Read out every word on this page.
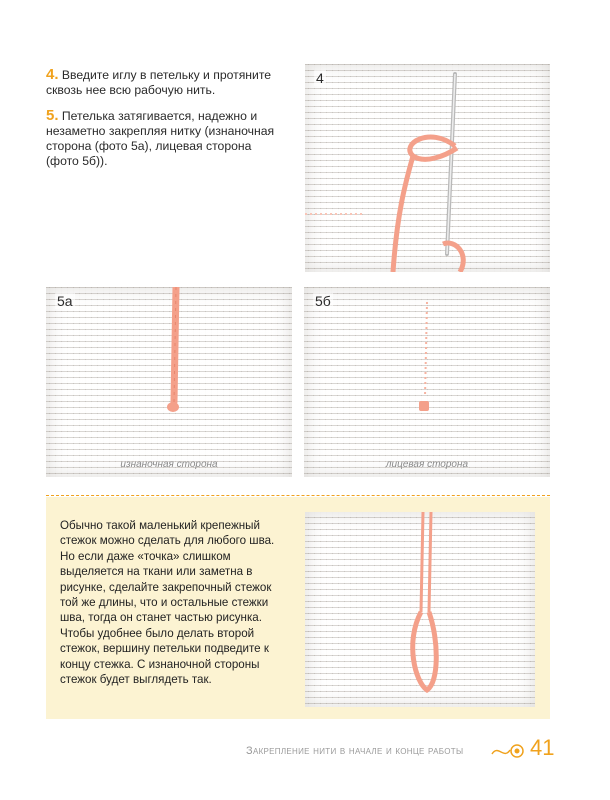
4. Введите иглу в петельку и протяните сквозь нее всю рабочую нить.

5. Петелька затягивается, надежно и незаметно закрепляя нитку (изнаночная сторона (фото 5а), лицевая сторона (фото 5б)).

4
5а
изнаночная сторона
5б
лицевая сторона

Обычно такой маленький крепежный стежок можно сделать для любого шва. Но если даже «точка» слишком выделяется на ткани или заметна в рисунке, сделайте закрепочный стежок той же длины, что и остальные стежки шва, тогда он станет частью рисунка.

Чтобы удобнее было делать второй стежок, вершину петельки подведите к концу стежка. С изнаночной стороны стежок будет выглядеть так.

Закрепление нити в начале и конце работы	41
